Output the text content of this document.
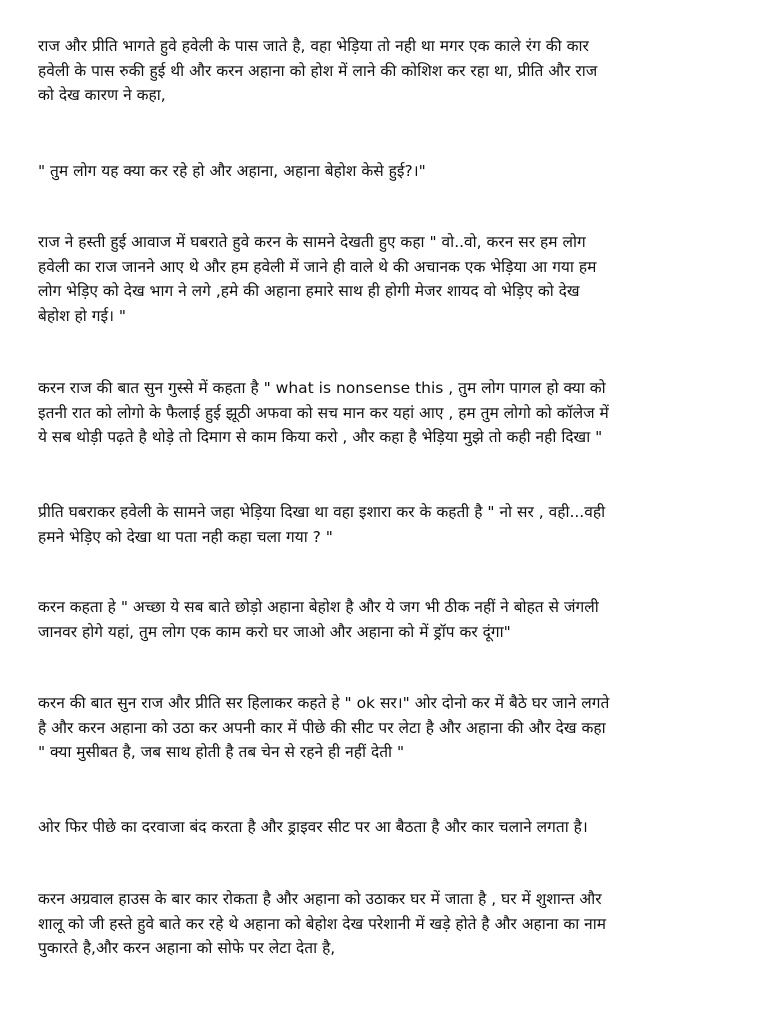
राज और प्रीति भागते हुवे हवेली के पास जाते है, वहा भेड़िया तो नही था मगर एक काले रंग की कार
हवेली के पास रुकी हुई थी और करन अहाना को होश में लाने की कोशिश कर रहा था, प्रीति और राज
को देख कारण ने कहा,

" तुम लोग यह क्या कर रहे हो और अहाना, अहाना बेहोश केसे हुई?।"

राज ने हस्ती हुई आवाज में घबराते हुवे करन के सामने देखती हुए कहा " वो..वो, करन सर हम लोग
हवेली का राज जानने आए थे और हम हवेली में जाने ही वाले थे की अचानक एक भेड़िया आ गया हम
लोग भेड़िए को देख भाग ने लगे ,हमे की अहाना हमारे साथ ही होगी मेजर शायद वो भेड़िए को देख
बेहोश हो गई। "

करन राज की बात सुन गुस्से में कहता है " what is nonsense this , तुम लोग पागल हो क्या को
इतनी रात को लोगो के फैलाई हुई झूठी अफवा को सच मान कर यहां आए , हम तुम लोगो को कॉलेज में
ये सब थोड़ी पढ़ते है थोड़े तो दिमाग से काम किया करो , और कहा है भेड़िया मुझे तो कही नही दिखा "

प्रीति घबराकर हवेली के सामने जहा भेड़िया दिखा था वहा इशारा कर के कहती है " नो सर , वही...वही
हमने भेड़िए को देखा था पता नही कहा चला गया ? "

करन कहता हे " अच्छा ये सब बाते छोड़ो अहाना बेहोश है और ये जग भी ठीक नहीं ने बोहत से जंगली
जानवर होगे यहां, तुम लोग एक काम करो घर जाओ और अहाना को में ड्रॉप कर दूंगा"

करन की बात सुन राज और प्रीति सर हिलाकर कहते हे " ok सर।" ओर दोनो कर में बैठे घर जाने लगते
है और करन अहाना को उठा कर अपनी कार में पीछे की सीट पर लेटा है और अहाना की और देख कहा
" क्या मुसीबत है, जब साथ होती है तब चेन से रहने ही नहीं देती "

ओर फिर पीछे का दरवाजा बंद करता है और ड्राइवर सीट पर आ बैठता है और कार चलाने लगता है।

करन अग्रवाल हाउस के बार कार रोकता है और अहाना को उठाकर घर में जाता है , घर में शुशान्त और
शालू को जी हस्ते हुवे बाते कर रहे थे अहाना को बेहोश देख परेशानी में खड़े होते है और अहाना का नाम
पुकारते है,और करन अहाना को सोफे पर लेटा देता है,
